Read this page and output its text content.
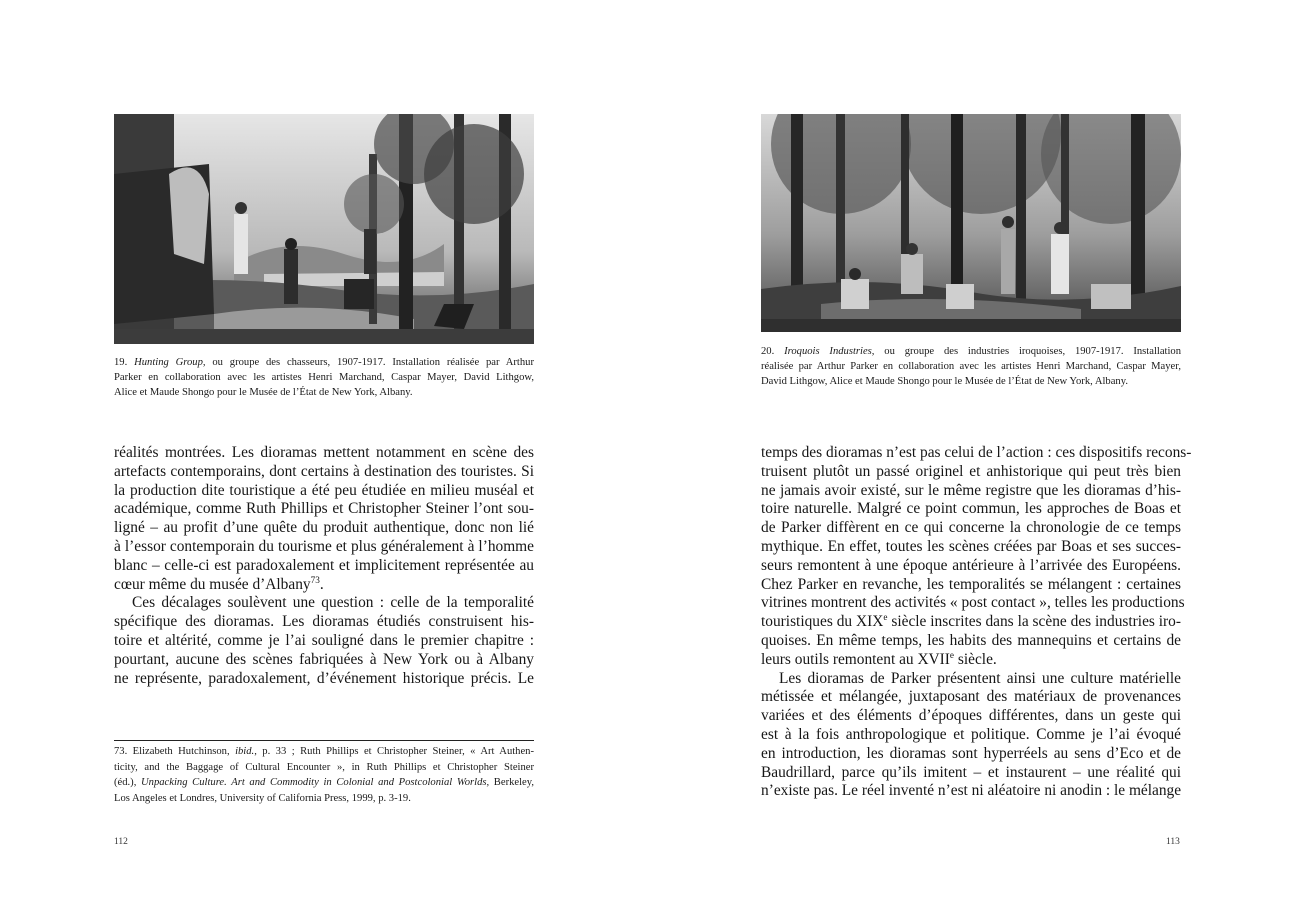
19. Hunting Group, ou groupe des chasseurs, 1907-1917. Installation réalisée par Arthur
Parker en collaboration avec les artistes Henri Marchand, Caspar Mayer, David Lithgow,
Alice et Maude Shongo pour le Musée de l’État de New York, Albany.

réalités montrées. Les dioramas mettent notamment en scène des
artefacts contemporains, dont certains à destination des touristes. Si
la production dite touristique a été peu étudiée en milieu muséal et
académique, comme Ruth Phillips et Christopher Steiner l’ont sou-
ligné – au profit d’une quête du produit authentique, donc non lié
à l’essor contemporain du tourisme et plus généralement à l’homme
blanc – celle-ci est paradoxalement et implicitement représentée au
cœur même du musée d’Albany$^{73}$.

Ces décalages soulèvent une question : celle de la temporalité
spécifique des dioramas. Les dioramas étudiés construisent his-
toire et altérité, comme je l’ai souligné dans le premier chapitre :
pourtant, aucune des scènes fabriquées à New York ou à Albany
ne représente, paradoxalement, d’événement historique précis. Le

73. Elizabeth Hutchinson, ibid., p. 33 ; Ruth Phillips et Christopher Steiner, « Art Authen-
ticity, and the Baggage of Cultural Encounter », in Ruth Phillips et Christopher Steiner
(éd.), Unpacking Culture. Art and Commodity in Colonial and Postcolonial Worlds, Berkeley,
Los Angeles et Londres, University of California Press, 1999, p. 3-19.
112
20. Iroquois Industries, ou groupe des industries iroquoises, 1907-1917. Installation
réalisée par Arthur Parker en collaboration avec les artistes Henri Marchand, Caspar Mayer,
David Lithgow, Alice et Maude Shongo pour le Musée de l’État de New York, Albany.

temps des dioramas n’est pas celui de l’action : ces dispositifs recons-
truisent plutôt un passé originel et anhistorique qui peut très bien
ne jamais avoir existé, sur le même registre que les dioramas d’his-
toire naturelle. Malgré ce point commun, les approches de Boas et
de Parker diffèrent en ce qui concerne la chronologie de ce temps
mythique. En effet, toutes les scènes créées par Boas et ses succes-
seurs remontent à une époque antérieure à l’arrivée des Européens.
Chez Parker en revanche, les temporalités se mélangent : certaines
vitrines montrent des activités « post contact », telles les productions
touristiques du XIXe siècle inscrites dans la scène des industries iro-
quoises. En même temps, les habits des mannequins et certains de
leurs outils remontent au XVIIe siècle.

Les dioramas de Parker présentent ainsi une culture matérielle
métissée et mélangée, juxtaposant des matériaux de provenances
variées et des éléments d’époques différentes, dans un geste qui
est à la fois anthropologique et politique. Comme je l’ai évoqué
en introduction, les dioramas sont hyperréels au sens d’Eco et de
Baudrillard, parce qu’ils imitent – et instaurent – une réalité qui
n’existe pas. Le réel inventé n’est ni aléatoire ni anodin : le mélange

113
